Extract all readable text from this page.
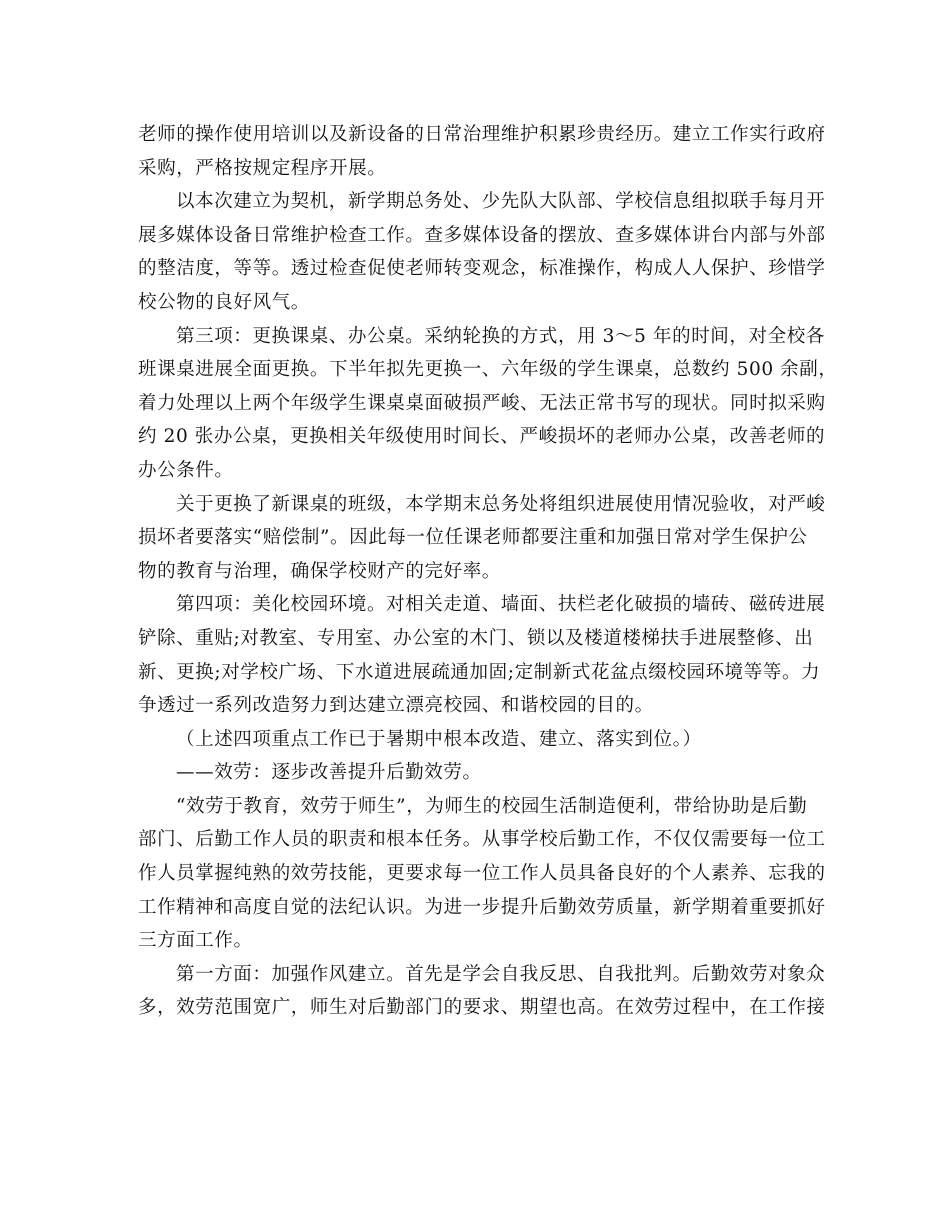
老师的操作使用培训以及新设备的日常治理维护积累珍贵经历。建立工作实行政府
采购，严格按规定程序开展。
以本次建立为契机，新学期总务处、少先队大队部、学校信息组拟联手每月开
展多媒体设备日常维护检查工作。查多媒体设备的摆放、查多媒体讲台内部与外部
的整洁度，等等。透过检查促使老师转变观念，标准操作，构成人人保护、珍惜学
校公物的良好风气。
第三项：更换课桌、办公桌。采纳轮换的方式，用 3～5 年的时间，对全校各
班课桌进展全面更换。下半年拟先更换一、六年级的学生课桌，总数约 500 余副，
着力处理以上两个年级学生课桌桌面破损严峻、无法正常书写的现状。同时拟采购
约 20 张办公桌，更换相关年级使用时间长、严峻损坏的老师办公桌，改善老师的
办公条件。
关于更换了新课桌的班级，本学期末总务处将组织进展使用情况验收，对严峻
损坏者要落实“赔偿制”。因此每一位任课老师都要注重和加强日常对学生保护公
物的教育与治理，确保学校财产的完好率。
第四项：美化校园环境。对相关走道、墙面、扶栏老化破损的墙砖、磁砖进展
铲除、重贴;对教室、专用室、办公室的木门、锁以及楼道楼梯扶手进展整修、出
新、更换;对学校广场、下水道进展疏通加固;定制新式花盆点缀校园环境等等。力
争透过一系列改造努力到达建立漂亮校园、和谐校园的目的。
（上述四项重点工作已于暑期中根本改造、建立、落实到位。）
——效劳：逐步改善提升后勤效劳。
“效劳于教育，效劳于师生”，为师生的校园生活制造便利，带给协助是后勤
部门、后勤工作人员的职责和根本任务。从事学校后勤工作，不仅仅需要每一位工
作人员掌握纯熟的效劳技能，更要求每一位工作人员具备良好的个人素养、忘我的
工作精神和高度自觉的法纪认识。为进一步提升后勤效劳质量，新学期着重要抓好
三方面工作。
第一方面：加强作风建立。首先是学会自我反思、自我批判。后勤效劳对象众
多，效劳范围宽广，师生对后勤部门的要求、期望也高。在效劳过程中，在工作接
